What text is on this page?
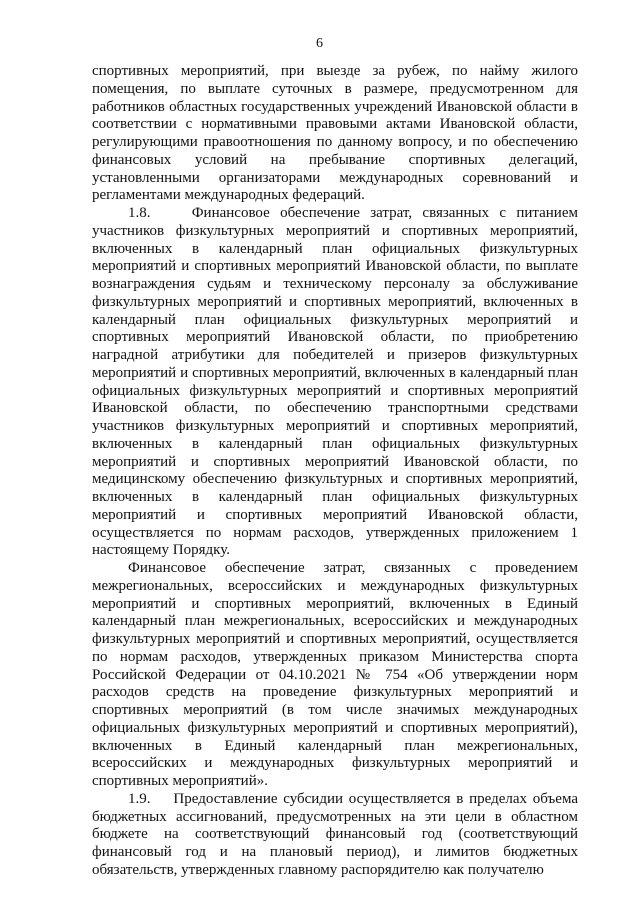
6

спортивных мероприятий, при выезде за рубеж, по найму жилого помещения, по выплате суточных в размере, предусмотренном для работников областных государственных учреждений Ивановской области в соответствии с нормативными правовыми актами Ивановской области, регулирующими правоотношения по данному вопросу, и по обеспечению финансовых условий на пребывание спортивных делегаций, установленными организаторами международных соревнований и регламентами международных федераций.

1.8.    Финансовое обеспечение затрат, связанных с питанием участников физкультурных мероприятий и спортивных мероприятий, включенных в календарный план официальных физкультурных мероприятий и спортивных мероприятий Ивановской области, по выплате вознаграждения судьям и техническому персоналу за обслуживание физкультурных мероприятий и спортивных мероприятий, включенных в календарный план официальных физкультурных мероприятий и спортивных мероприятий Ивановской области, по приобретению наградной атрибутики для победителей и призеров физкультурных мероприятий и спортивных мероприятий, включенных в календарный план официальных физкультурных мероприятий и спортивных мероприятий Ивановской области, по обеспечению транспортными средствами участников физкультурных мероприятий и спортивных мероприятий, включенных в календарный план официальных физкультурных мероприятий и спортивных мероприятий Ивановской области, по медицинскому обеспечению физкультурных и спортивных мероприятий, включенных в календарный план официальных физкультурных мероприятий и спортивных мероприятий Ивановской области, осуществляется по нормам расходов, утвержденных приложением 1 настоящему Порядку.

Финансовое обеспечение затрат, связанных с проведением межрегиональных, всероссийских и международных физкультурных мероприятий и спортивных мероприятий, включенных в Единый календарный план межрегиональных, всероссийских и международных физкультурных мероприятий и спортивных мероприятий, осуществляется по нормам расходов, утвержденных приказом Министерства спорта Российской Федерации от 04.10.2021 № 754 «Об утверждении норм расходов средств на проведение физкультурных мероприятий и спортивных мероприятий (в том числе значимых международных официальных физкультурных мероприятий и спортивных мероприятий), включенных в Единый календарный план межрегиональных, всероссийских и международных физкультурных мероприятий и спортивных мероприятий».

1.9.    Предоставление субсидии осуществляется в пределах объема бюджетных ассигнований, предусмотренных на эти цели в областном бюджете на соответствующий финансовый год (соответствующий финансовый год и на плановый период), и лимитов бюджетных обязательств, утвержденных главному распорядителю как получателю
